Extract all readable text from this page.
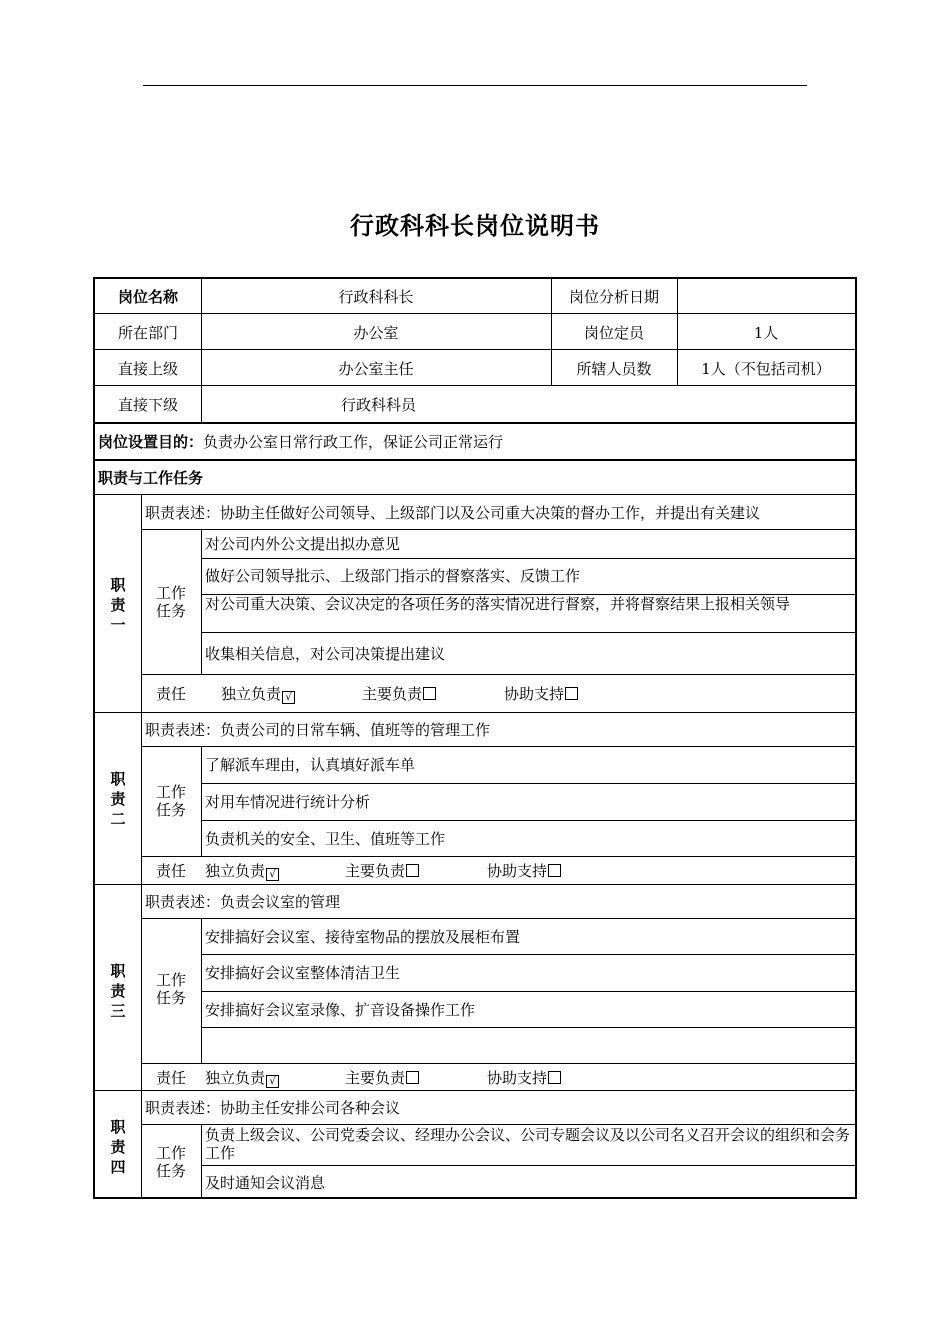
行政科科长岗位说明书
岗位名称	行政科科长	岗位分析日期
所在部门	办公室	岗位定员	1人
直接上级	办公室主任	所辖人员数	1人（不包括司机）
直接下级	行政科科员
岗位设置目的：负责办公室日常行政工作，保证公司正常运行
职责与工作任务
职责一
职责表述：协助主任做好公司领导、上级部门以及公司重大决策的督办工作，并提出有关建议
工作任务
对公司内外公文提出拟办意见
做好公司领导批示、上级部门指示的督察落实、反馈工作
对公司重大决策、会议决定的各项任务的落实情况进行督察，并将督察结果上报相关领导
收集相关信息，对公司决策提出建议
责任	独立负责 √	主要负责	协助支持
职责二
职责表述：负责公司的日常车辆、值班等的管理工作
工作任务
了解派车理由，认真填好派车单
对用车情况进行统计分析
负责机关的安全、卫生、值班等工作
责任	独立负责 √	主要负责	协助支持
职责三
职责表述：负责会议室的管理
工作任务
安排搞好会议室、接待室物品的摆放及展柜布置
安排搞好会议室整体清洁卫生
安排搞好会议室录像、扩音设备操作工作
责任	独立负责 √	主要负责	协助支持
职责四
职责表述：协助主任安排公司各种会议
工作任务
负责上级会议、公司党委会议、经理办公会议、公司专题会议及以公司名义召开会议的组织和会务工作
及时通知会议消息
